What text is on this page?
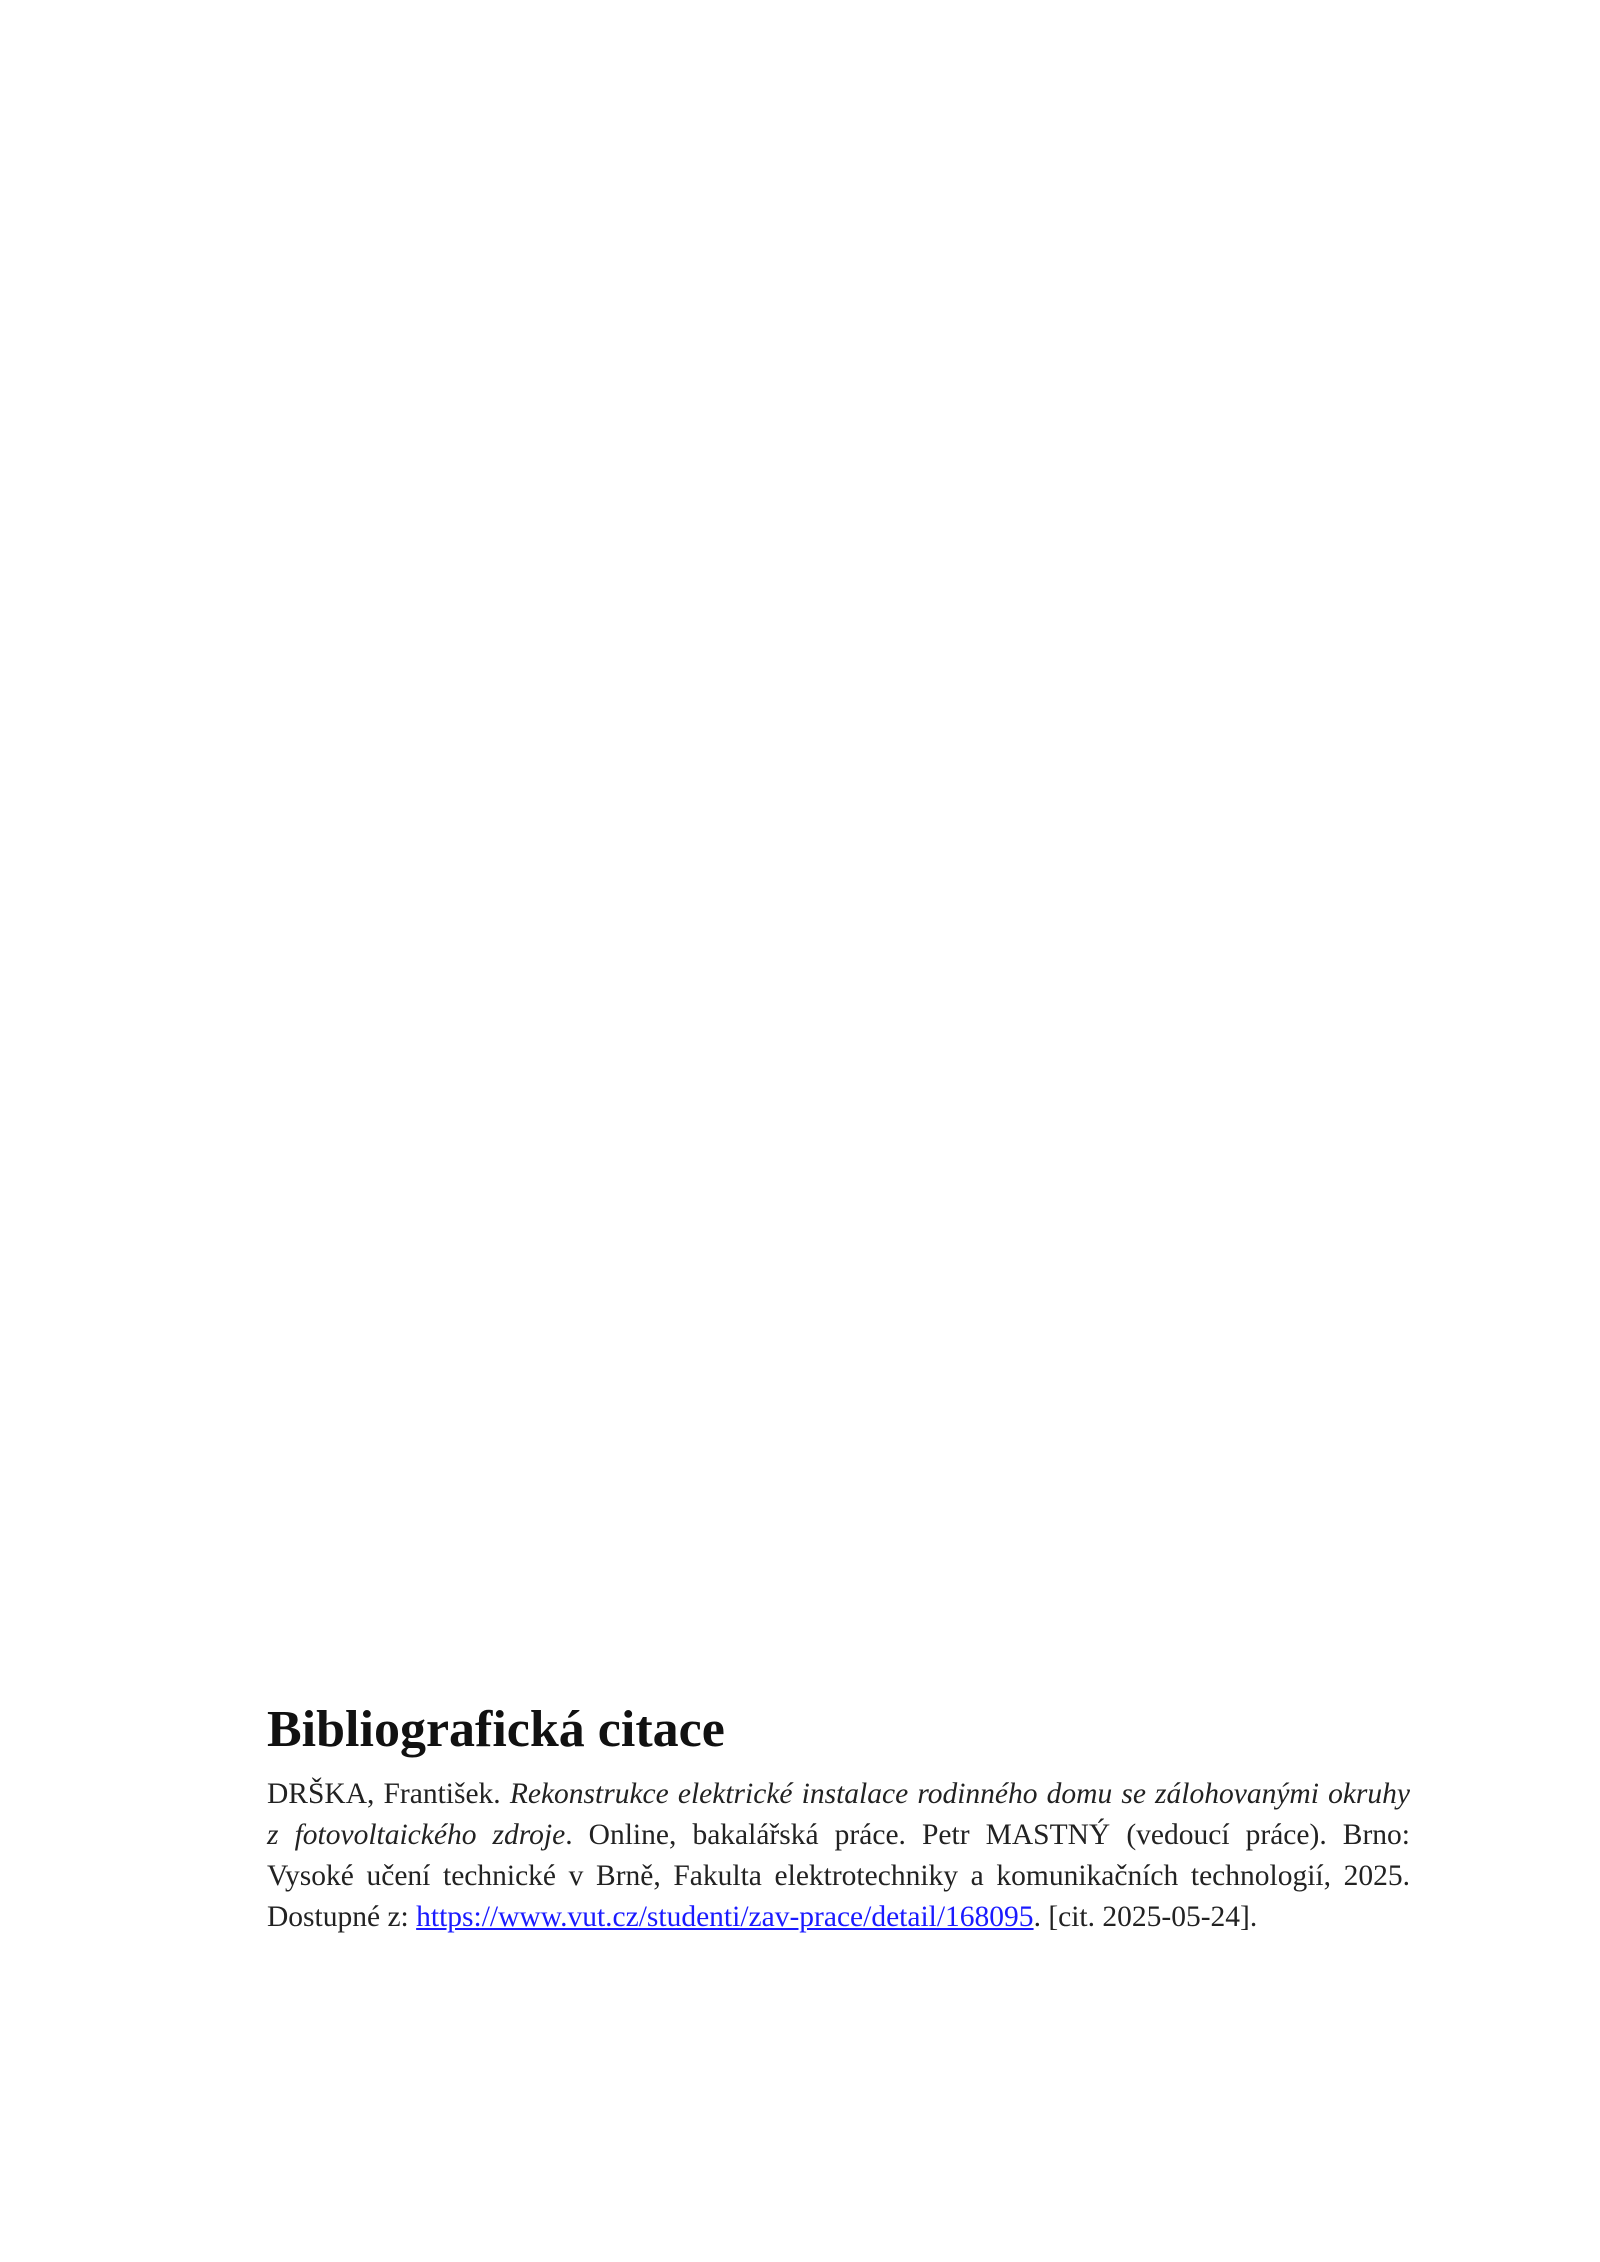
Bibliografická citace

DRŠKA, František. Rekonstrukce elektrické instalace rodinného domu se zálohovanými okruhy z fotovoltaického zdroje. Online, bakalářská práce. Petr MASTNÝ (vedoucí práce). Brno: Vysoké učení technické v Brně, Fakulta elektrotechniky a komunikačních technologií, 2025. Dostupné z: https://www.vut.cz/studenti/zav-prace/detail/168095. [cit. 2025-05-24].
